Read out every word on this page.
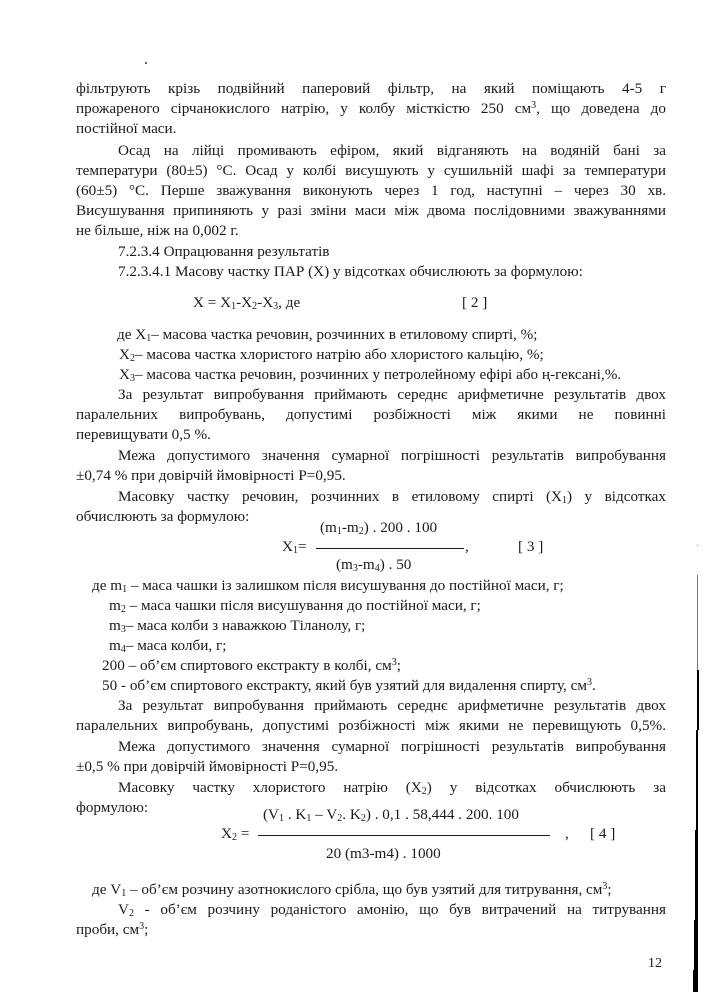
фільтрують крізь подвійний паперовий фільтр, на який поміщають 4-5 г
прожареного сірчанокислого натрію, у колбу місткістю 250 $см^3$, що доведена до
постійної маси.
Осад на лійці промивають ефіром, який відганяють на водяній бані за
температури (80±5) °С. Осад у колбі висушують у сушильній шафі за температури
(60±5) °С. Перше зважування виконують через 1 год, наступні – через 30 хв.
Висушування припиняють у разі зміни маси між двома послідовними зважуваннями
не більше, ніж на 0,002 г.
7.2.3.4 Опрацювання результатів
7.2.3.4.1 Масову частку ПАР (Х) у відсотках обчислюють за формулою:
$Х = Х_1-Х_2-Х_3$, де	[ 2 ]
де $Х_1-$ масова частка речовин, розчинних в етиловому спирті, %;
$Х_2-$ масова частка хлористого натрію або хлористого кальцію, %;
$Х_3-$ масова частка речовин, розчинних у петролейному ефірі або ң-гексані,%.
За результат випробування приймають середнє арифметичне результатів двох
паралельних випробувань, допустимі розбіжності між якими не повинні
перевищувати 0,5 %.
Межа допустимого значення сумарної погрішності результатів випробування
±0,74 % при довірчій ймовірності Р=0,95.
Масовку частку речовин, розчинних в етиловому спирті $(Х_1)$ у відсотках
обчислюють за формулою:
$(m_1-m_2)$ . 200 . 100
$Х_1=$	,	[ 3 ]
$(m_3-m_4)$ . 50
де $m_1$ – маса чашки із залишком після висушування до постійної маси, г;
$m_2$ – маса чашки після висушування до постійної маси, г;
$m_3-$ маса колби з наважкою Тіланолу, г;
$m_4-$ маса колби, г;
200 – об’єм спиртового екстракту в колбі, $см^3$;
50 - об’єм спиртового екстракту, який був узятий для видалення спирту, $см^3$.
За результат випробування приймають середнє арифметичне результатів двох
паралельних випробувань, допустимі розбіжності між якими не перевищують 0,5%.
Межа допустимого значення сумарної погрішності результатів випробування
±0,5 % при довірчій ймовірності Р=0,95.
Масовку частку хлористого натрію $(Х_2)$ у відсотках обчислюють за
формулою:	($V_1$ . $K_1 - V_2$. $K_2$) . 0,1 . 58,444 . 200. 100
$Х_2$ =	, [ 4 ]
20 (m3-m4) . 1000
де $V_1$ – об’єм розчину азотнокислого срібла, що був узятий для титрування, $см^3$;
$V_2$ - об’єм розчину роданістого амонію, що був витрачений на титрування
проби, $см^3$;
12
